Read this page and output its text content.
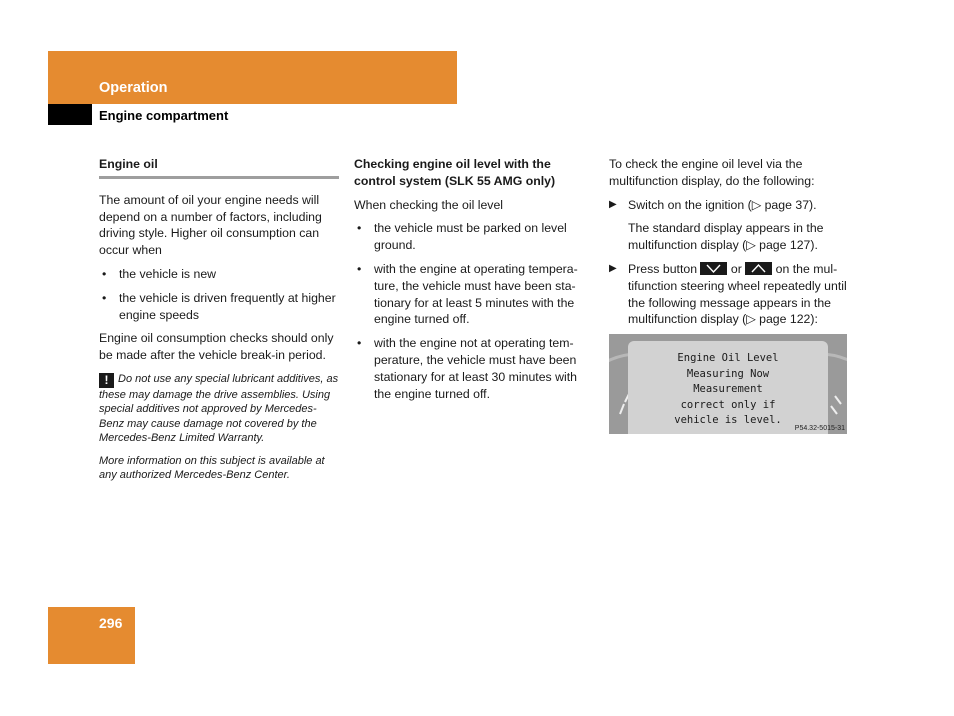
Operation
Engine compartment
Engine oil

The amount of oil your engine needs will depend on a number of factors, including driving style. Higher oil consumption can occur when

• the vehicle is new
• the vehicle is driven frequently at higher engine speeds

Engine oil consumption checks should only be made after the vehicle break-in period.

! Do not use any special lubricant additives, as these may damage the drive assemblies. Using special additives not approved by Mercedes-Benz may cause damage not covered by the Mercedes-Benz Limited Warranty.
More information on this subject is available at any authorized Mercedes-Benz Center.
Checking engine oil level with the control system (SLK 55 AMG only)

When checking the oil level

• the vehicle must be parked on level ground.
• with the engine at operating tempera-ture, the vehicle must have been sta-tionary for at least 5 minutes with the engine turned off.
• with the engine not at operating tem-perature, the vehicle must have been stationary for at least 30 minutes with the engine turned off.

To check the engine oil level via the multifunction display, do the following:

▶ Switch on the ignition (▷ page 37).

The standard display appears in the multifunction display (▷ page 127).

▶ Press button	or	on the mul-tifunction steering wheel repeatedly until the following message appears in the multifunction display (▷ page 122):
Engine Oil Level
Measuring Now
Measurement
correct only if
vehicle is level.
P54.32-5015-31
296
